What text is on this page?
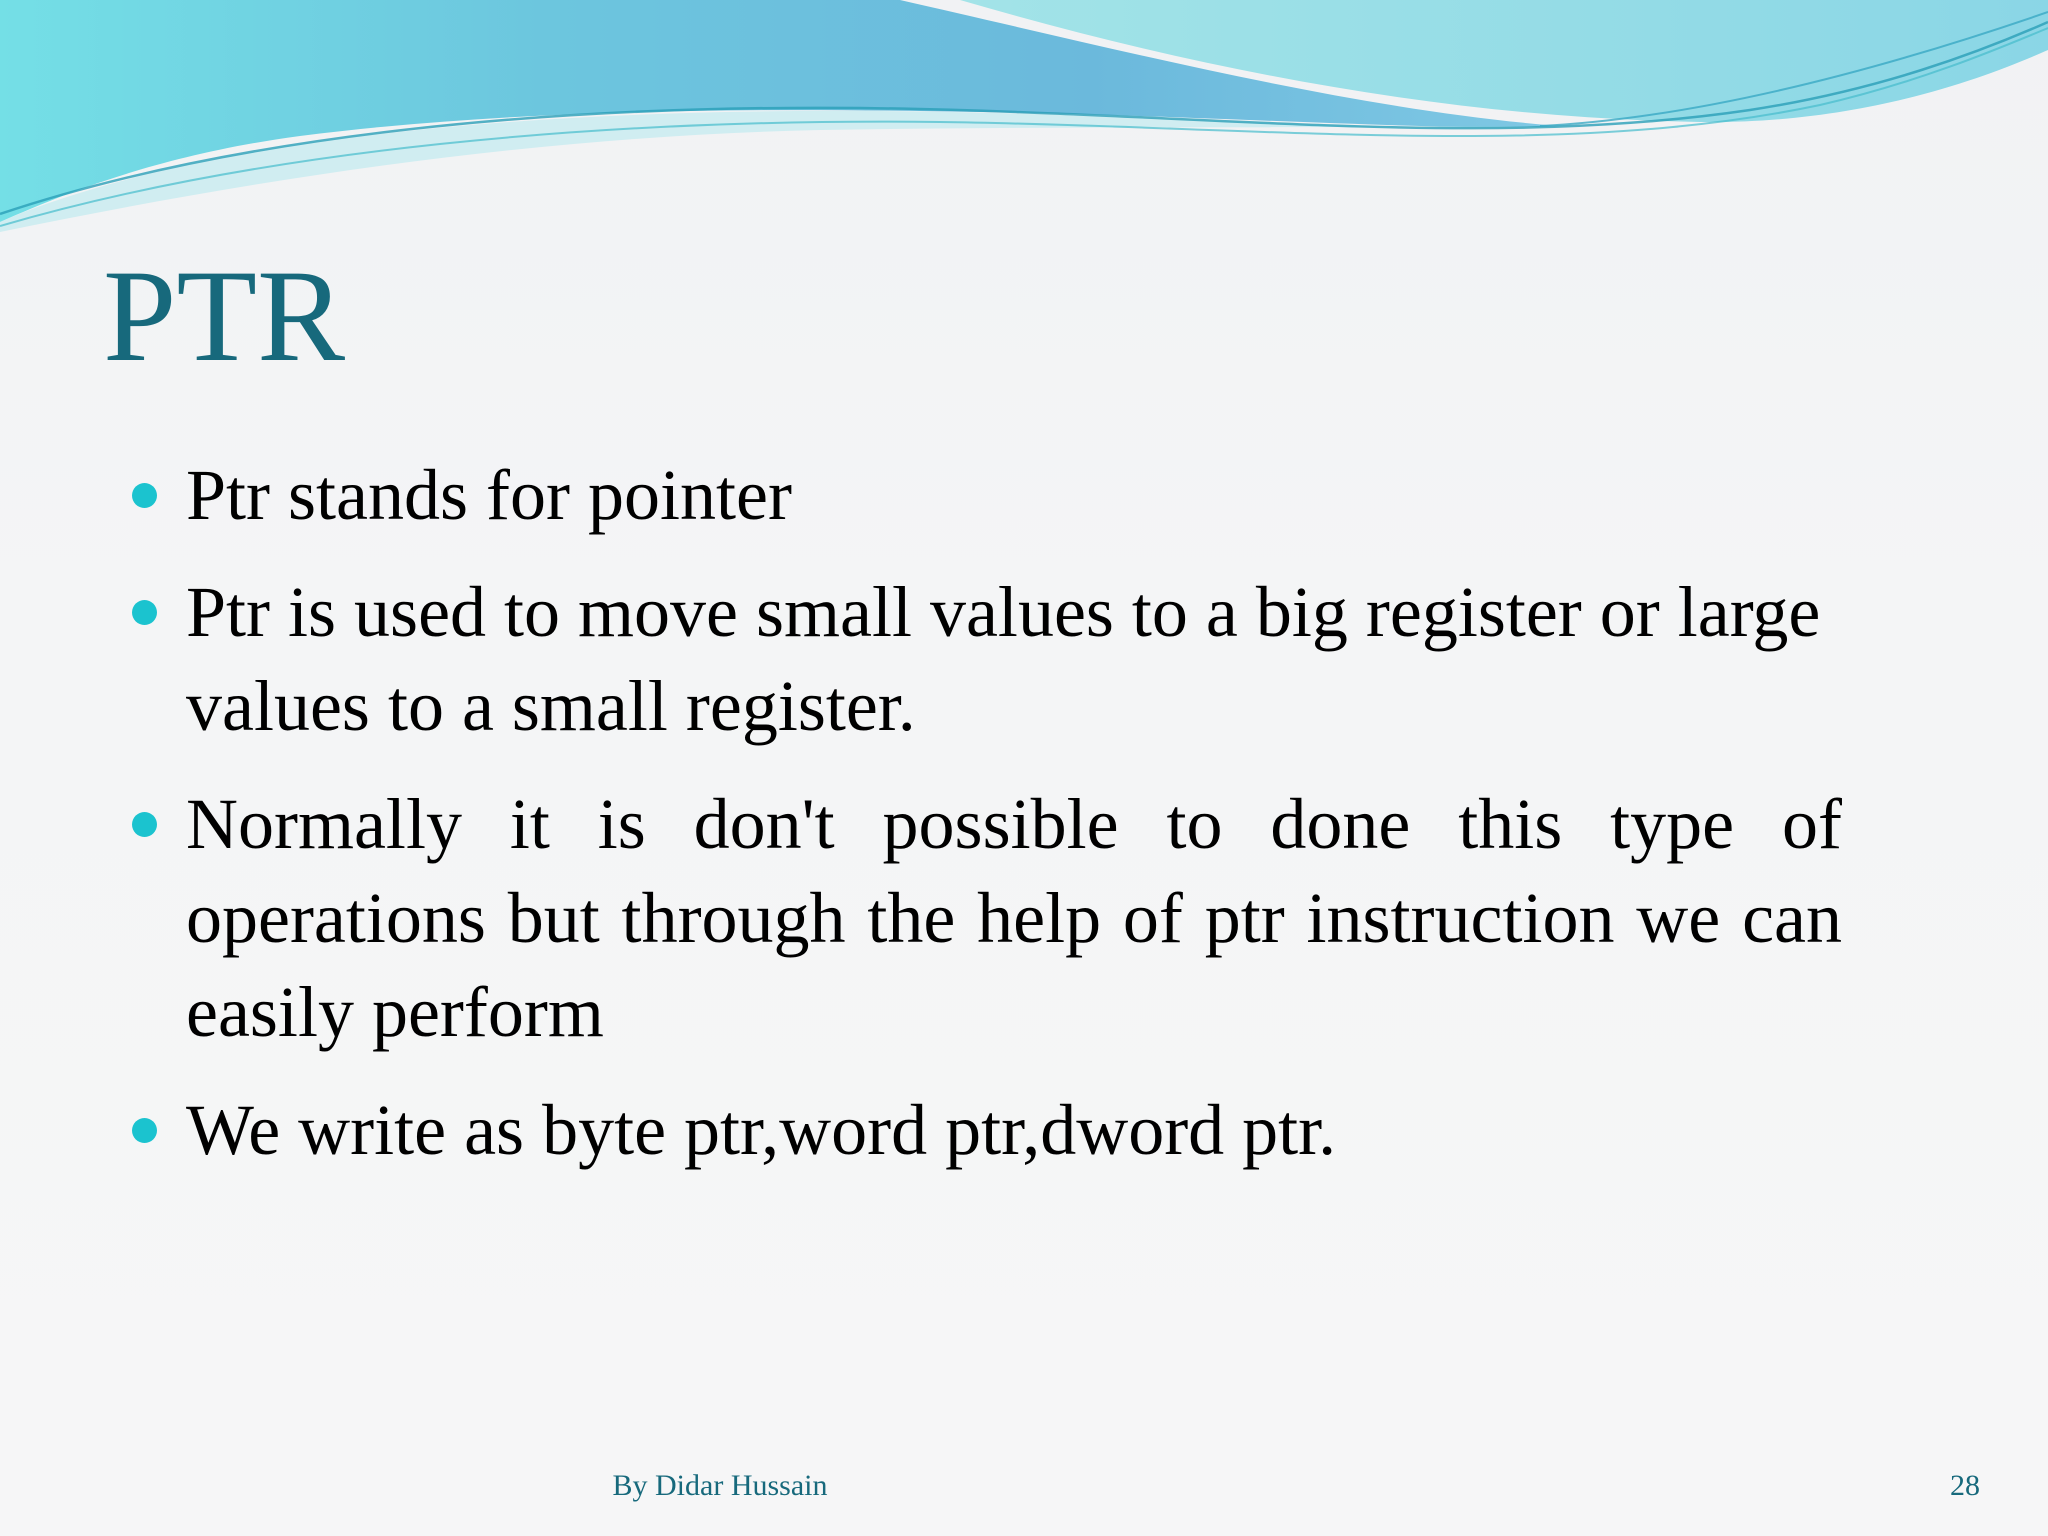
PTR
Ptr stands for pointer
Ptr is used to move small values to a big register or large values to a small register.
Normally it is don't possible to done this type of operations but through the help of ptr instruction we can easily perform
We write as byte ptr,word ptr,dword ptr.
By Didar Hussain	28
